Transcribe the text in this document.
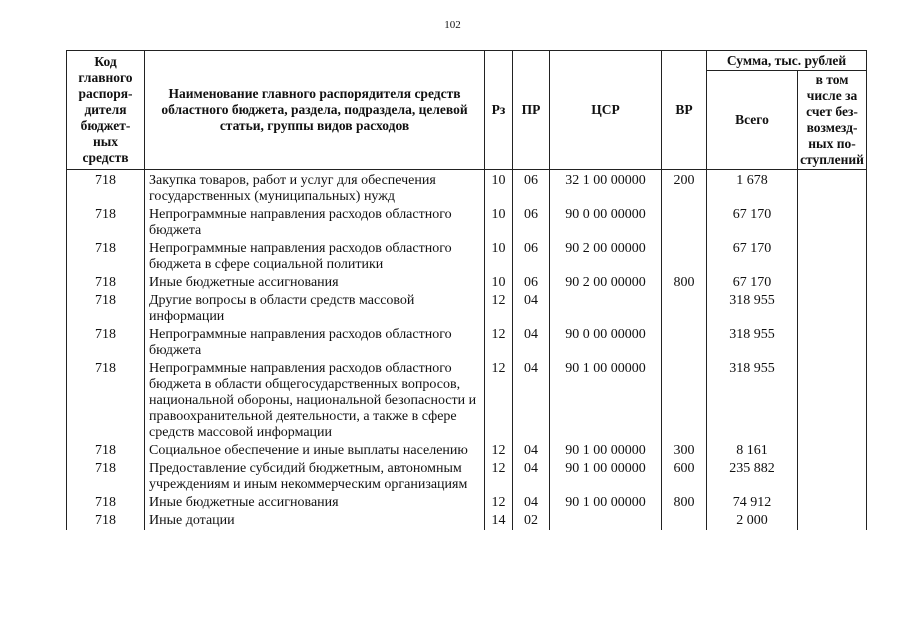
102
Код главного распоря-дителя бюджет-ных средств	Наименование главного распорядителя средств областного бюджета, раздела, подраздела, целевой статьи, группы видов расходов	Рз	ПР	ЦСР	ВР	Сумма, тыс. рублей	
						Всего	в том числе за счет без-возмезд-ных по-ступлений
718	Закупка товаров, работ и услуг для обеспечения государственных (муниципальных) нужд	10	06	32 1 00 00000	200	1 678	
718	Непрограммные направления расходов областного бюджета	10	06	90 0 00 00000		67 170	
718	Непрограммные направления расходов областного бюджета в сфере социальной политики	10	06	90 2 00 00000		67 170	
718	Иные бюджетные ассигнования	10	06	90 2 00 00000	800	67 170	
718	Другие вопросы в области средств массовой информации	12	04			318 955	
718	Непрограммные направления расходов областного бюджета	12	04	90 0 00 00000		318 955	
718	Непрограммные направления расходов областного бюджета в области общегосударственных вопросов, национальной обороны, национальной безопасности и правоохранительной деятельности, а также в сфере средств массовой информации	12	04	90 1 00 00000		318 955	
718	Социальное обеспечение и иные выплаты населению	12	04	90 1 00 00000	300	8 161	
718	Предоставление субсидий бюджетным, автономным учреждениям и иным некоммерческим организациям	12	04	90 1 00 00000	600	235 882	
718	Иные бюджетные ассигнования	12	04	90 1 00 00000	800	74 912	
718	Иные дотации	14	02			2 000	
